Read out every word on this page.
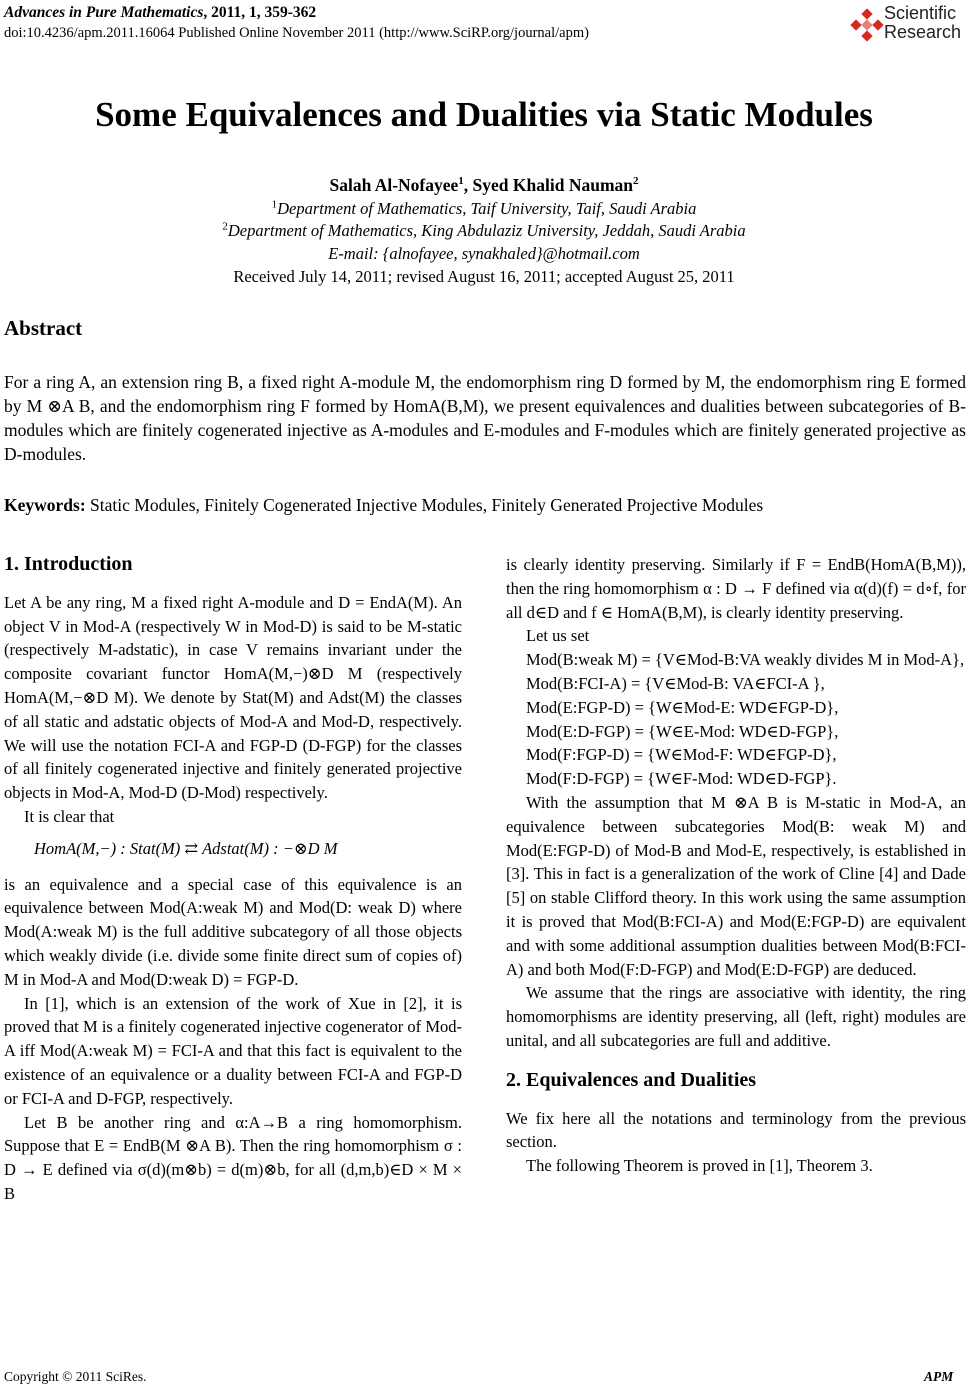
Advances in Pure Mathematics, 2011, 1, 359-362
doi:10.4236/apm.2011.16064 Published Online November 2011 (http://www.SciRP.org/journal/apm)
Scientific
Research
Some Equivalences and Dualities via Static Modules
Salah Al-Nofayee$^1$, Syed Khalid Nauman$^2$
$^1$Department of Mathematics, Taif University, Taif, Saudi Arabia
$^2$Department of Mathematics, King Abdulaziz University, Jeddah, Saudi Arabia
E-mail: {alnofayee, synakhaled}@hotmail.com
Received July 14, 2011; revised August 16, 2011; accepted August 25, 2011
Abstract
For a ring A, an extension ring B, a fixed right A-module M, the endomorphism ring D formed by M, the endomorphism ring E formed by M ⊗A B, and the endomorphism ring F formed by HomA(B,M), we present equivalences and dualities between subcategories of B-modules which are finitely cogenerated injective as A-modules and E-modules and F-modules which are finitely generated projective as D-modules.
Keywords: Static Modules, Finitely Cogenerated Injective Modules, Finitely Generated Projective Modules
1. Introduction

Let A be any ring, M a fixed right A-module and D = EndA(M). An object V in Mod-A (respectively W in Mod-D) is said to be M-static (respectively M-adstatic), in case V remains invariant under the composite covariant functor HomA(M,−)⊗D M (respectively HomA(M,−⊗D M). We denote by Stat(M) and Adst(M) the classes of all static and adstatic objects of Mod-A and Mod-D, respectively. We will use the notation FCI-A and FGP-D (D-FGP) for the classes of all finitely cogenerated injective and finitely generated projective objects in Mod-A, Mod-D (D-Mod) respectively.

It is clear that

HomA(M,−) : Stat(M) ⇄ Adstat(M) : −⊗D M

is an equivalence and a special case of this equivalence is an equivalence between Mod(A:weak M) and Mod(D: weak D) where Mod(A:weak M) is the full additive subcategory of all those objects which weakly divide (i.e. divide some finite direct sum of copies of) M in Mod-A and Mod(D:weak D) = FGP-D.

In [1], which is an extension of the work of Xue in [2], it is proved that M is a finitely cogenerated injective cogenerator of Mod-A iff Mod(A:weak M) = FCI-A and that this fact is equivalent to the existence of an equivalence or a duality between FCI-A and FGP-D or FCI-A and D-FGP, respectively.

Let B be another ring and α:A→B a ring homomorphism. Suppose that E = EndB(M ⊗A B). Then the ring homomorphism σ : D → E defined via σ(d)(m⊗b) = d(m)⊗b, for all (d,m,b)∈D × M × B

is clearly identity preserving. Similarly if F = EndB(HomA(B,M)), then the ring homomorphism α : D → F defined via α(d)(f) = d∘f, for all d∈D and f ∈ HomA(B,M), is clearly identity preserving.

Let us set

Mod(B:weak M) = {V∈Mod-B:VA weakly divides M in Mod-A},

Mod(B:FCI-A) = {V∈Mod-B: VA∈FCI-A },

Mod(E:FGP-D) = {W∈Mod-E: WD∈FGP-D},

Mod(E:D-FGP) = {W∈E-Mod: WD∈D-FGP},

Mod(F:FGP-D) = {W∈Mod-F: WD∈FGP-D},

Mod(F:D-FGP) = {W∈F-Mod: WD∈D-FGP}.

With the assumption that M ⊗A B is M-static in Mod-A, an equivalence between subcategories Mod(B: weak M) and Mod(E:FGP-D) of Mod-B and Mod-E, respectively, is established in [3]. This in fact is a generalization of the work of Cline [4] and Dade [5] on stable Clifford theory. In this work using the same assumption it is proved that Mod(B:FCI-A) and Mod(E:FGP-D) are equivalent and with some additional assumption dualities between Mod(B:FCI-A) and both Mod(F:D-FGP) and Mod(E:D-FGP) are deduced.

We assume that the rings are associative with identity, the ring homomorphisms are identity preserving, all (left, right) modules are unital, and all subcategories are full and additive.

2. Equivalences and Dualities

We fix here all the notations and terminology from the previous section.

The following Theorem is proved in [1], Theorem 3.

Copyright © 2011 SciRes.	APM
